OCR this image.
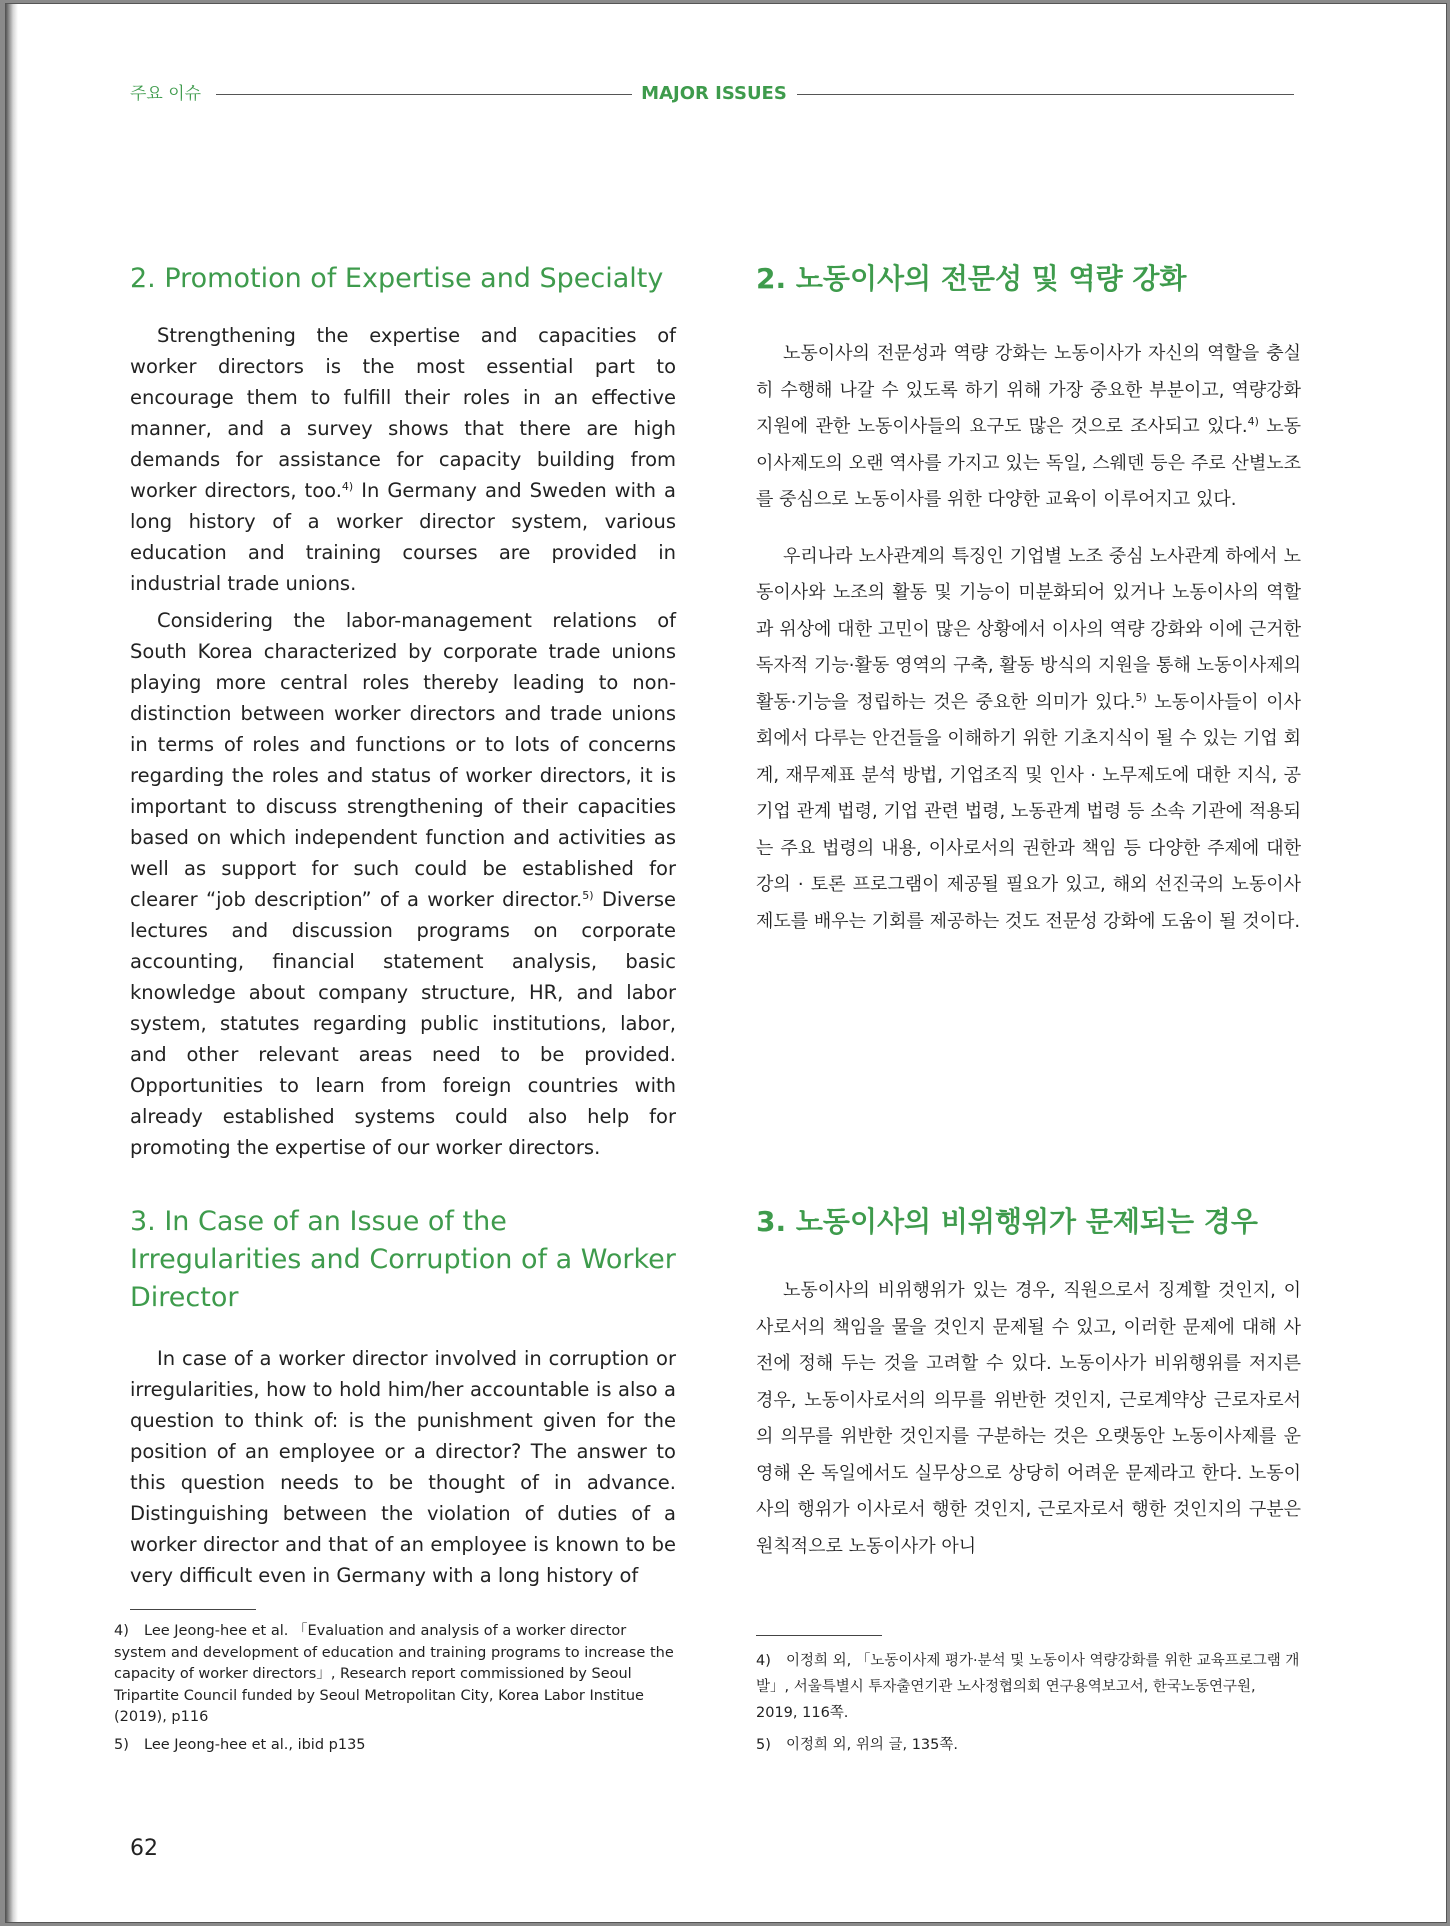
주요 이슈	MAJOR ISSUES
2. Promotion of Expertise and Specialty

Strengthening the expertise and capacities of worker directors is the most essential part to encourage them to fulfill their roles in an effective manner, and a survey shows that there are high demands for assistance for capacity building from worker directors, too.$^{4)}$ In Germany and Sweden with a long history of a worker director system, various education and training courses are provided in industrial trade unions.

Considering the labor-management relations of South Korea characterized by corporate trade unions playing more central roles thereby leading to non-distinction between worker directors and trade unions in terms of roles and functions or to lots of concerns regarding the roles and status of worker directors, it is important to discuss strengthening of their capacities based on which independent function and activities as well as support for such could be established for clearer “job description” of a worker director.$^{5)}$ Diverse lectures and discussion programs on corporate accounting, financial statement analysis, basic knowledge about company structure, HR, and labor system, statutes regarding public institutions, labor, and other relevant areas need to be provided. Opportunities to learn from foreign countries with already established systems could also help for promoting the expertise of our worker directors.

2. 노동이사의 전문성 및 역량 강화

노동이사의 전문성과 역량 강화는 노동이사가 자신의 역할을 충실히 수행해 나갈 수 있도록 하기 위해 가장 중요한 부분이고, 역량강화 지원에 관한 노동이사들의 요구도 많은 것으로 조사되고 있다.$^{4)}$ 노동이사제도의 오랜 역사를 가지고 있는 독일, 스웨덴 등은 주로 산별노조를 중심으로 노동이사를 위한 다양한 교육이 이루어지고 있다.

우리나라 노사관계의 특징인 기업별 노조 중심 노사관계 하에서 노동이사와 노조의 활동 및 기능이 미분화되어 있거나 노동이사의 역할과 위상에 대한 고민이 많은 상황에서 이사의 역량 강화와 이에 근거한 독자적 기능·활동 영역의 구축, 활동 방식의 지원을 통해 노동이사제의 활동·기능을 정립하는 것은 중요한 의미가 있다.$^{5)}$ 노동이사들이 이사회에서 다루는 안건들을 이해하기 위한 기초지식이 될 수 있는 기업 회계, 재무제표 분석 방법, 기업조직 및 인사 · 노무제도에 대한 지식, 공기업 관계 법령, 기업 관련 법령, 노동관계 법령 등 소속 기관에 적용되는 주요 법령의 내용, 이사로서의 권한과 책임 등 다양한 주제에 대한 강의 · 토론 프로그램이 제공될 필요가 있고, 해외 선진국의 노동이사제도를 배우는 기회를 제공하는 것도 전문성 강화에 도움이 될 것이다.

3. In Case of an Issue of the Irregularities and Corruption of a Worker Director

In case of a worker director involved in corruption or irregularities, how to hold him/her accountable is also a question to think of: is the punishment given for the position of an employee or a director? The answer to this question needs to be thought of in advance. Distinguishing between the violation of duties of a worker director and that of an employee is known to be very difficult even in Germany with a long history of

3. 노동이사의 비위행위가 문제되는 경우

노동이사의 비위행위가 있는 경우, 직원으로서 징계할 것인지, 이사로서의 책임을 물을 것인지 문제될 수 있고, 이러한 문제에 대해 사전에 정해 두는 것을 고려할 수 있다. 노동이사가 비위행위를 저지른 경우, 노동이사로서의 의무를 위반한 것인지, 근로계약상 근로자로서의 의무를 위반한 것인지를 구분하는 것은 오랫동안 노동이사제를 운영해 온 독일에서도 실무상으로 상당히 어려운 문제라고 한다. 노동이사의 행위가 이사로서 행한 것인지, 근로자로서 행한 것인지의 구분은 원칙적으로 노동이사가 아니

4) Lee Jeong-hee et al. 「Evaluation and analysis of a worker director system and development of education and training programs to increase the capacity of worker directors」, Research report commissioned by Seoul Tripartite Council funded by Seoul Metropolitan City, Korea Labor Institue (2019), p116
5) Lee Jeong-hee et al., ibid p135
4) 이정희 외, 「노동이사제 평가·분석 및 노동이사 역량강화를 위한 교육프로그램 개발」, 서울특별시 투자출연기관 노사정협의회 연구용역보고서, 한국노동연구원, 2019, 116쪽.
5) 이정희 외, 위의 글, 135쪽.
62
